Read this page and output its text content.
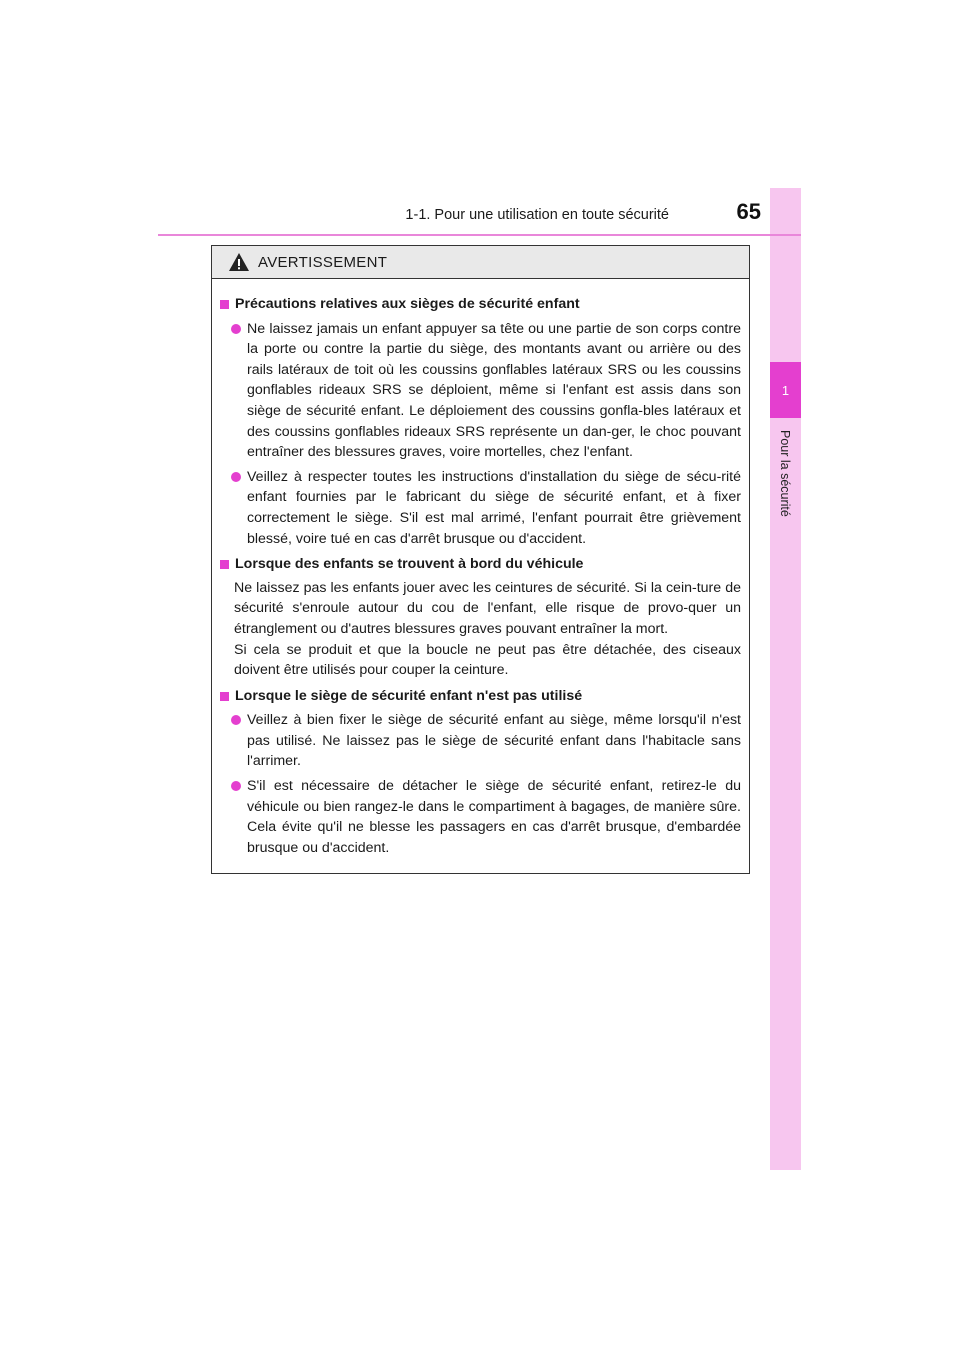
1
Pour la sécurité
1-1. Pour une utilisation en toute sécurité	65
AVERTISSEMENT
Précautions relatives aux sièges de sécurité enfant
Ne laissez jamais un enfant appuyer sa tête ou une partie de son corps contre la porte ou contre la partie du siège, des montants avant ou arrière ou des rails latéraux de toit où les coussins gonflables latéraux SRS ou les coussins gonflables rideaux SRS se déploient, même si l'enfant est assis dans son siège de sécurité enfant. Le déploiement des coussins gonfla-bles latéraux et des coussins gonflables rideaux SRS représente un dan-ger, le choc pouvant entraîner des blessures graves, voire mortelles, chez l'enfant.
Veillez à respecter toutes les instructions d'installation du siège de sécu-rité enfant fournies par le fabricant du siège de sécurité enfant, et à fixer correctement le siège. S'il est mal arrimé, l'enfant pourrait être grièvement blessé, voire tué en cas d'arrêt brusque ou d'accident.
Lorsque des enfants se trouvent à bord du véhicule

Ne laissez pas les enfants jouer avec les ceintures de sécurité. Si la cein-ture de sécurité s'enroule autour du cou de l'enfant, elle risque de provo-quer un étranglement ou d'autres blessures graves pouvant entraîner la mort.

Si cela se produit et que la boucle ne peut pas être détachée, des ciseaux doivent être utilisés pour couper la ceinture.

Lorsque le siège de sécurité enfant n'est pas utilisé
Veillez à bien fixer le siège de sécurité enfant au siège, même lorsqu'il n'est pas utilisé. Ne laissez pas le siège de sécurité enfant dans l'habitacle sans l'arrimer.
S'il est nécessaire de détacher le siège de sécurité enfant, retirez-le du véhicule ou bien rangez-le dans le compartiment à bagages, de manière sûre. Cela évite qu'il ne blesse les passagers en cas d'arrêt brusque, d'embardée brusque ou d'accident.
